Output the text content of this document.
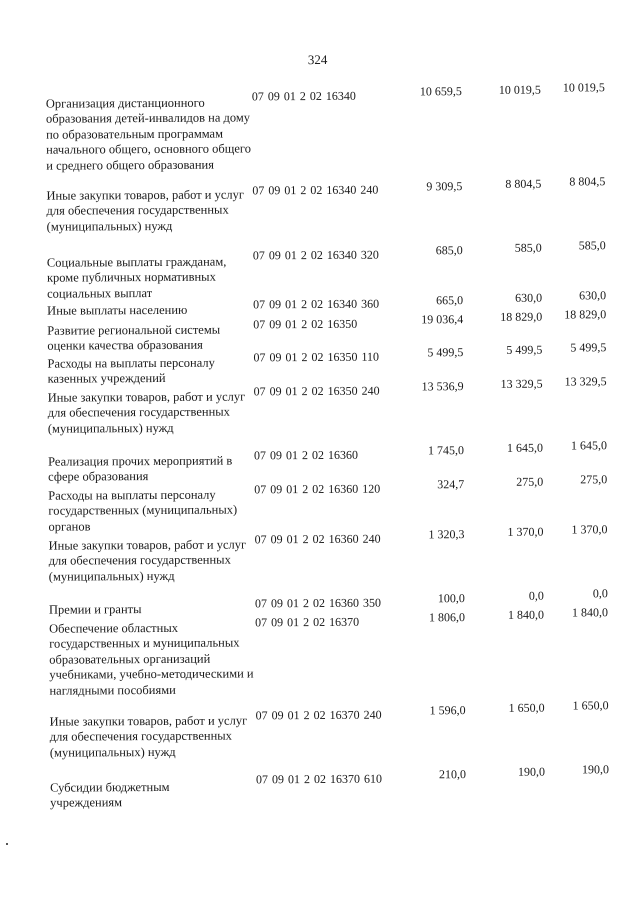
324
Организация дистанционного образования детей-инвалидов на дому по образовательным программам начального общего, основного общего и среднего общего образования
07 09 01 2 02 16340	10 659,5	10 019,5	10 019,5
Иные закупки товаров, работ и услуг для обеспечения государственных (муниципальных) нужд
07 09 01 2 02 16340 240	9 309,5	8 804,5	8 804,5
Социальные выплаты гражданам, кроме публичных нормативных социальных выплат
07 09 01 2 02 16340 320	685,0	585,0	585,0
Иные выплаты населению	07 09 01 2 02 16340 360	665,0	630,0	630,0
Развитие региональной системы оценки качества образования
07 09 01 2 02 16350	19 036,4	18 829,0	18 829,0
Расходы на выплаты персоналу казенных учреждений
07 09 01 2 02 16350 110	5 499,5	5 499,5	5 499,5
Иные закупки товаров, работ и услуг для обеспечения государственных (муниципальных) нужд
07 09 01 2 02 16350 240	13 536,9	13 329,5	13 329,5
Реализация прочих мероприятий в сфере образования
07 09 01 2 02 16360	1 745,0	1 645,0	1 645,0
Расходы на выплаты персоналу государственных (муниципальных) органов
07 09 01 2 02 16360 120	324,7	275,0	275,0
Иные закупки товаров, работ и услуг для обеспечения государственных (муниципальных) нужд
07 09 01 2 02 16360 240	1 320,3	1 370,0	1 370,0
Премии и гранты	07 09 01 2 02 16360 350	100,0	0,0	0,0
Обеспечение областных государственных и муниципальных образовательных организаций учебниками, учебно-методическими и наглядными пособиями
07 09 01 2 02 16370	1 806,0	1 840,0	1 840,0
Иные закупки товаров, работ и услуг для обеспечения государственных (муниципальных) нужд
07 09 01 2 02 16370 240	1 596,0	1 650,0	1 650,0
Субсидии бюджетным учреждениям
07 09 01 2 02 16370 610	210,0	190,0	190,0
